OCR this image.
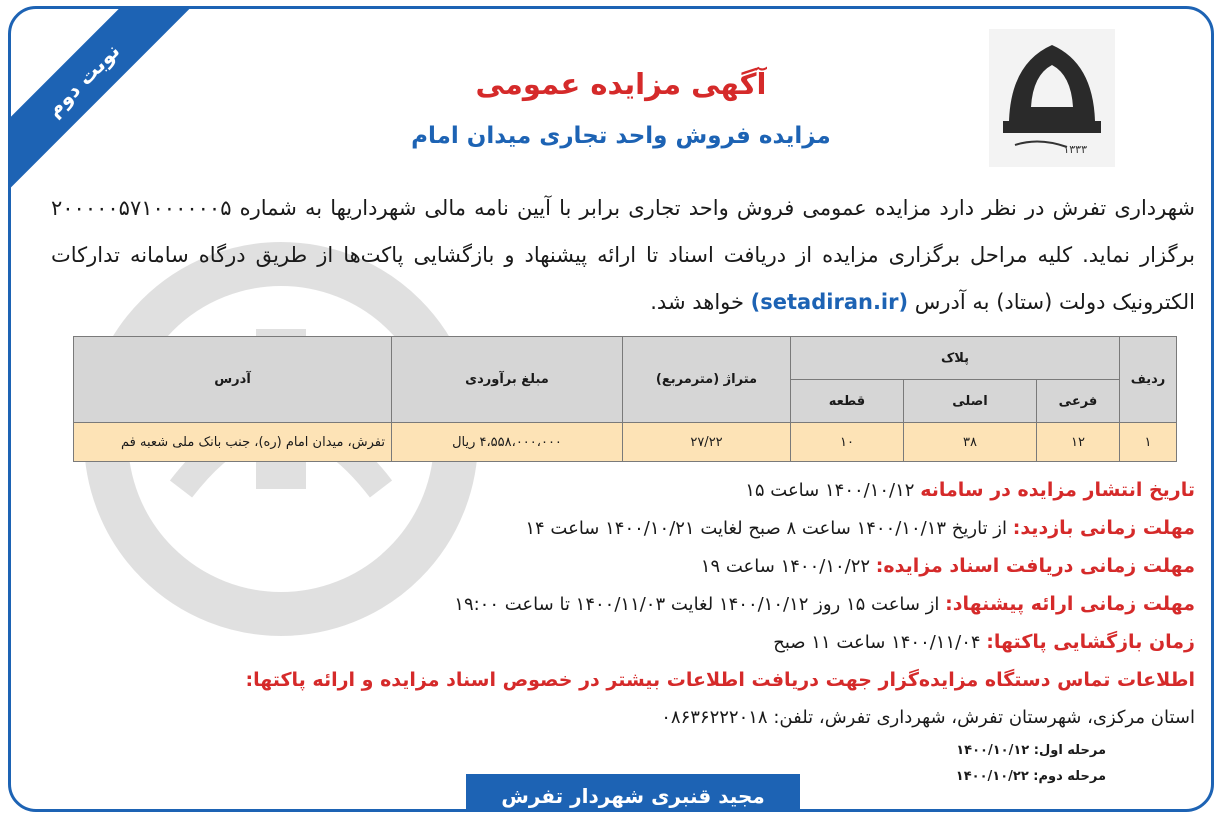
نوبت دوم
۱۳۳۳
آگهی مزایده عمومی
مزایده فروش واحد تجاری میدان امام
شهرداری تفرش در نظر دارد مزایده عمومی فروش واحد تجاری برابر با آیین نامه مالی شهرداریها به شماره ۲۰۰۰۰۰۵۷۱۰۰۰۰۰۰۵ برگزار نماید. کلیه مراحل برگزاری مزایده از دریافت اسناد تا ارائه پیشنهاد و بازگشایی پاکت‌ها از طریق درگاه سامانه تدارکات الکترونیک دولت (ستاد) به آدرس (setadiran.ir) خواهد شد.
ردیف	پلاک			متراژ (مترمربع)	مبلغ برآوردی	آدرس
	فرعی	اصلی	قطعه			
۱	۱۲	۳۸	۱۰	۲۷/۲۲	۴،۵۵۸،۰۰۰،۰۰۰ ریال	تفرش، میدان امام (ره)، جنب بانک ملی شعبه فم
تاریخ انتشار مزایده در سامانه ۱۴۰۰/۱۰/۱۲ ساعت ۱۵
مهلت زمانی بازدید: از تاریخ ۱۴۰۰/۱۰/۱۳ ساعت ۸ صبح لغایت ۱۴۰۰/۱۰/۲۱ ساعت ۱۴
مهلت زمانی دریافت اسناد مزایده: ۱۴۰۰/۱۰/۲۲ ساعت ۱۹
مهلت زمانی ارائه پیشنهاد: از ساعت ۱۵ روز ۱۴۰۰/۱۰/۱۲ لغایت ۱۴۰۰/۱۱/۰۳ تا ساعت ۱۹:۰۰
زمان بازگشایی پاکتها: ۱۴۰۰/۱۱/۰۴ ساعت ۱۱ صبح
اطلاعات تماس دستگاه مزایده‌گزار جهت دریافت اطلاعات بیشتر در خصوص اسناد مزایده و ارائه پاکتها:
استان مرکزی، شهرستان تفرش، شهرداری تفرش، تلفن: ۰۸۶۳۶۲۲۲۰۱۸
مرحله اول: ۱۴۰۰/۱۰/۱۲
مرحله دوم: ۱۴۰۰/۱۰/۲۲
مجید قنبری شهردار تفرش
